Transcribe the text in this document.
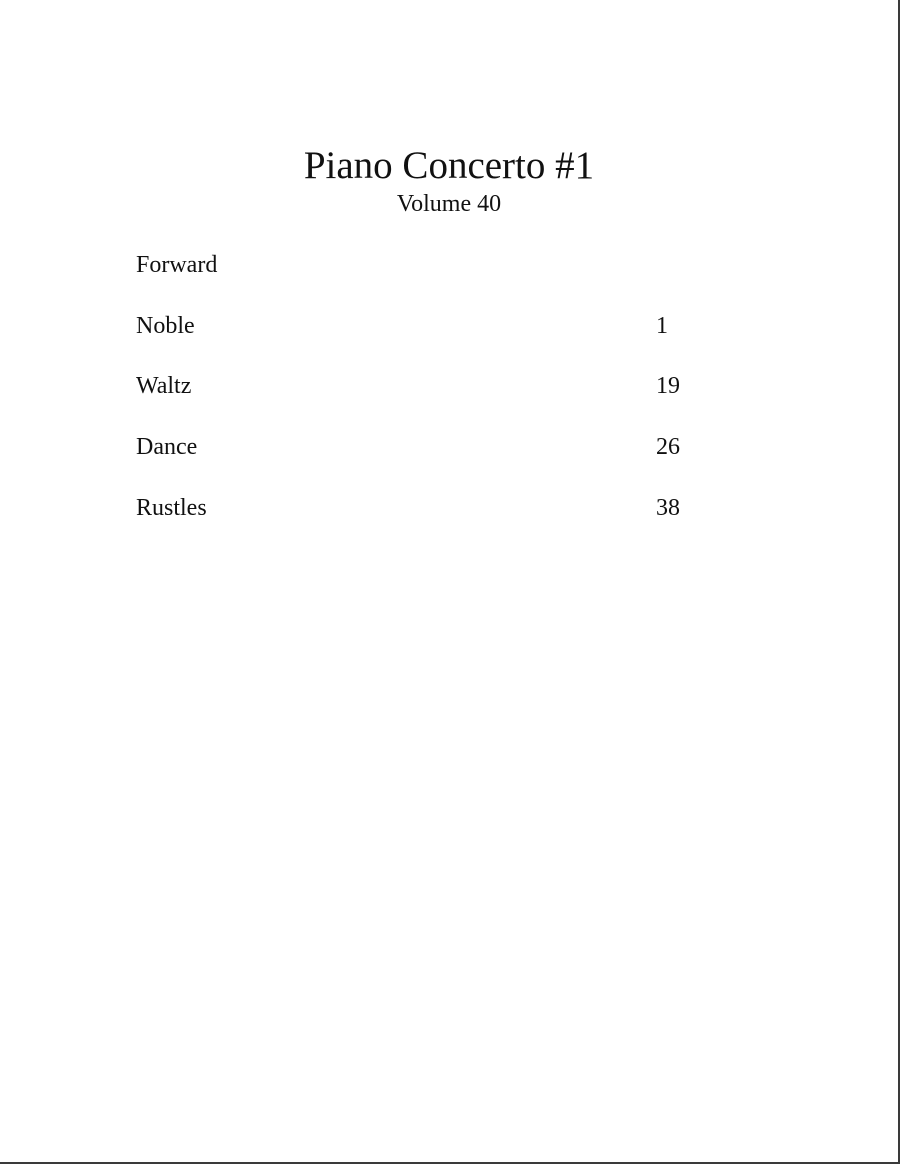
Piano Concerto #1
Volume 40
Forward
Noble	1
Waltz	19
Dance	26
Rustles	38
